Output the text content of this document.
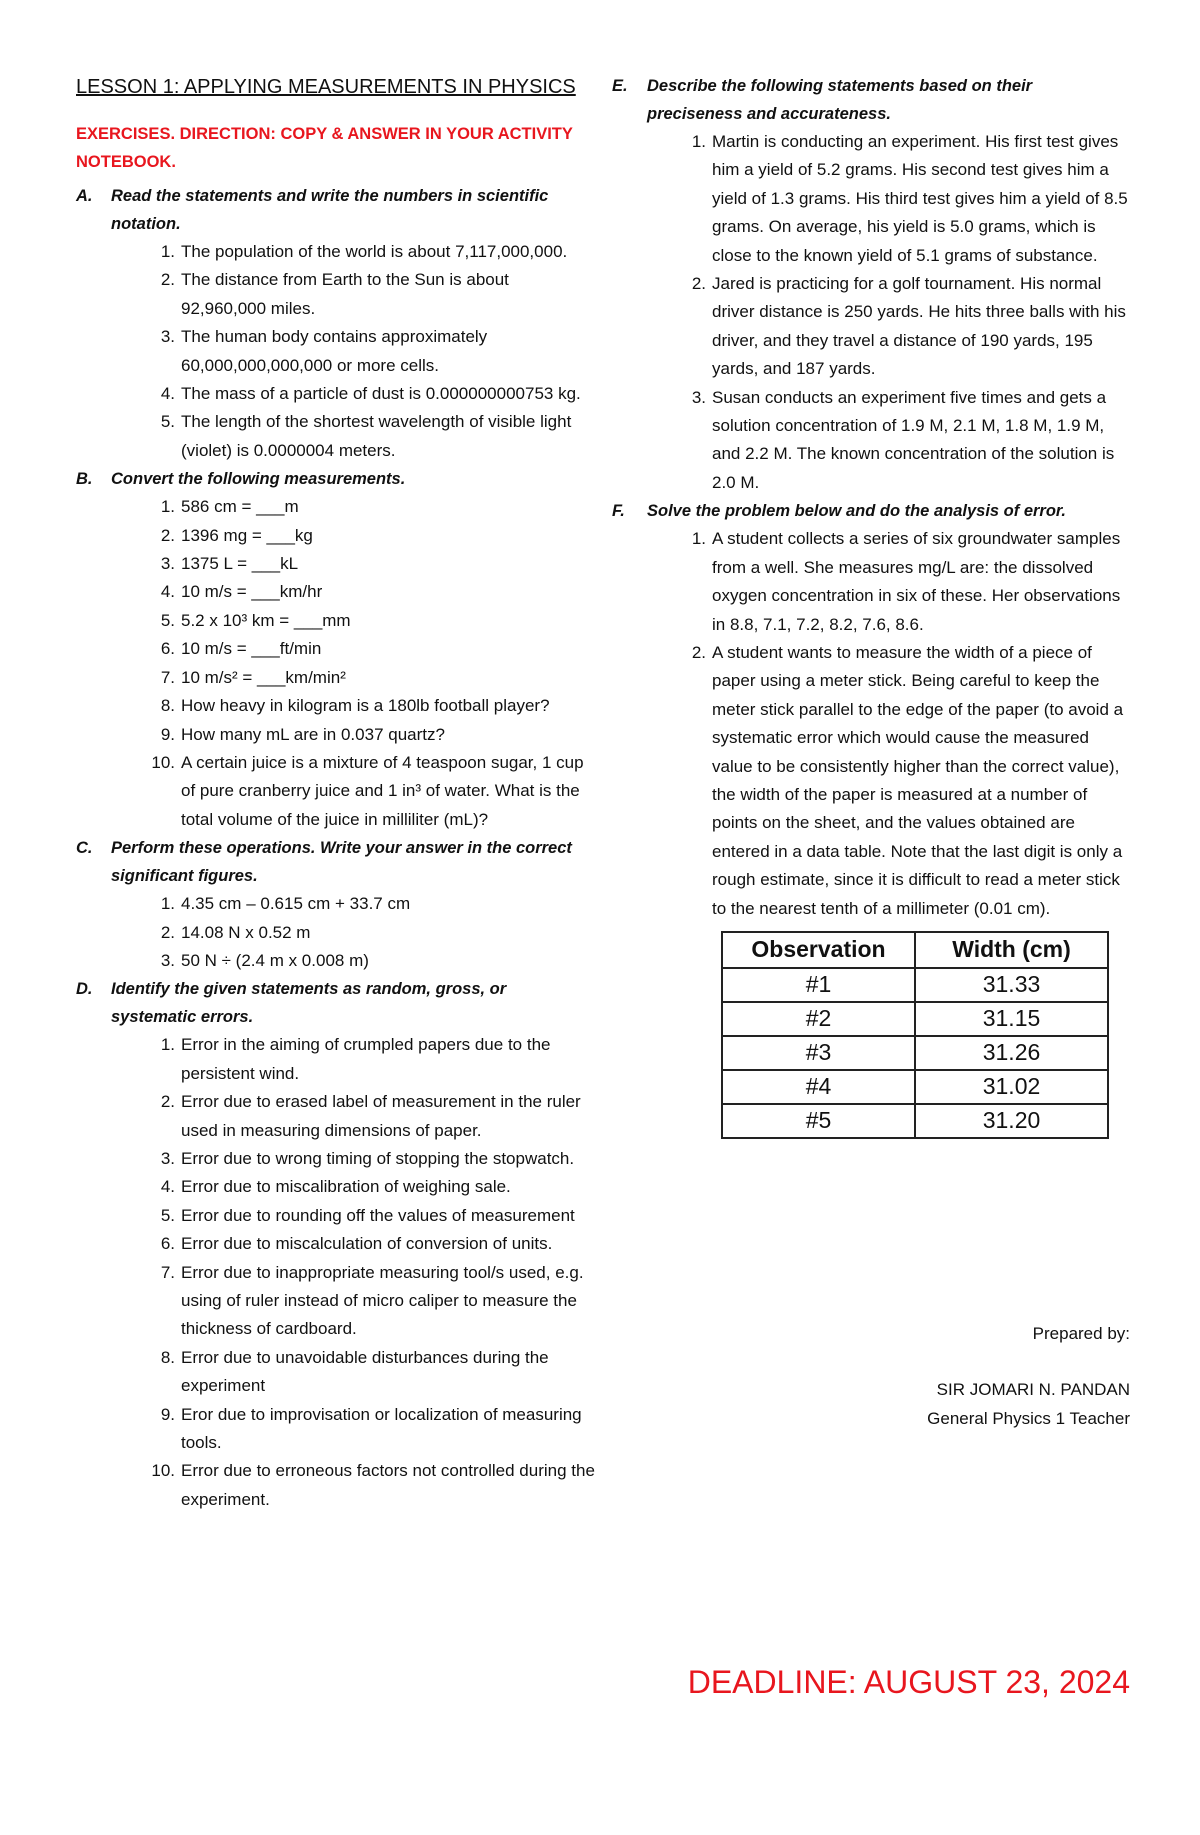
LESSON 1: APPLYING MEASUREMENTS IN PHYSICS
EXERCISES. DIRECTION: COPY & ANSWER IN YOUR ACTIVITY NOTEBOOK.
A.	Read the statements and write the numbers in scientific notation.
1. The population of the world is about 7,117,000,000.
2. The distance from Earth to the Sun is about 92,960,000 miles.
3. The human body contains approximately 60,000,000,000,000 or more cells.
4. The mass of a particle of dust is 0.000000000753 kg.
5. The length of the shortest wavelength of visible light (violet) is 0.0000004 meters.
B.	Convert the following measurements.
1. 586 cm = ___m
2. 1396 mg = ___kg
3. 1375 L = ___kL
4. 10 m/s = ___km/hr
5. 5.2 x 10³ km = ___mm
6. 10 m/s = ___ft/min
7. 10 m/s² = ___km/min²
8. How heavy in kilogram is a 180lb football player?
9. How many mL are in 0.037 quartz?
10. A certain juice is a mixture of 4 teaspoon sugar, 1 cup of pure cranberry juice and 1 in³ of water. What is the total volume of the juice in milliliter (mL)?
C.	Perform these operations. Write your answer in the correct significant figures.
1. 4.35 cm – 0.615 cm + 33.7 cm
2. 14.08 N x 0.52 m
3. 50 N ÷ (2.4 m x 0.008 m)
D.	Identify the given statements as random, gross, or systematic errors.
1. Error in the aiming of crumpled papers due to the persistent wind.
2. Error due to erased label of measurement in the ruler used in measuring dimensions of paper.
3. Error due to wrong timing of stopping the stopwatch.
4. Error due to miscalibration of weighing sale.
5. Error due to rounding off the values of measurement
6. Error due to miscalculation of conversion of units.
7. Error due to inappropriate measuring tool/s used, e.g. using of ruler instead of micro caliper to measure the thickness of cardboard.
8. Error due to unavoidable disturbances during the experiment
9. Eror due to improvisation or localization of measuring tools.
10. Error due to erroneous factors not controlled during the experiment.
E.	Describe the following statements based on their preciseness and accurateness.
1. Martin is conducting an experiment. His first test gives him a yield of 5.2 grams. His second test gives him a yield of 1.3 grams. His third test gives him a yield of 8.5 grams. On average, his yield is 5.0 grams, which is close to the known yield of 5.1 grams of substance.
2. Jared is practicing for a golf tournament. His normal driver distance is 250 yards. He hits three balls with his driver, and they travel a distance of 190 yards, 195 yards, and 187 yards.
3. Susan conducts an experiment five times and gets a solution concentration of 1.9 M, 2.1 M, 1.8 M, 1.9 M, and 2.2 M. The known concentration of the solution is 2.0 M.
F.	Solve the problem below and do the analysis of error.
1. A student collects a series of six groundwater samples from a well. She measures mg/L are: the dissolved oxygen concentration in six of these. Her observations in 8.8, 7.1, 7.2, 8.2, 7.6, 8.6.
2. A student wants to measure the width of a piece of paper using a meter stick. Being careful to keep the meter stick parallel to the edge of the paper (to avoid a systematic error which would cause the measured value to be consistently higher than the correct value), the width of the paper is measured at a number of points on the sheet, and the values obtained are entered in a data table. Note that the last digit is only a rough estimate, since it is difficult to read a meter stick to the nearest tenth of a millimeter (0.01 cm).
Observation	Width (cm)
#1	31.33
#2	31.15
#3	31.26
#4	31.02
#5	31.20
Prepared by:
SIR JOMARI N. PANDAN
General Physics 1 Teacher
DEADLINE: AUGUST 23, 2024
